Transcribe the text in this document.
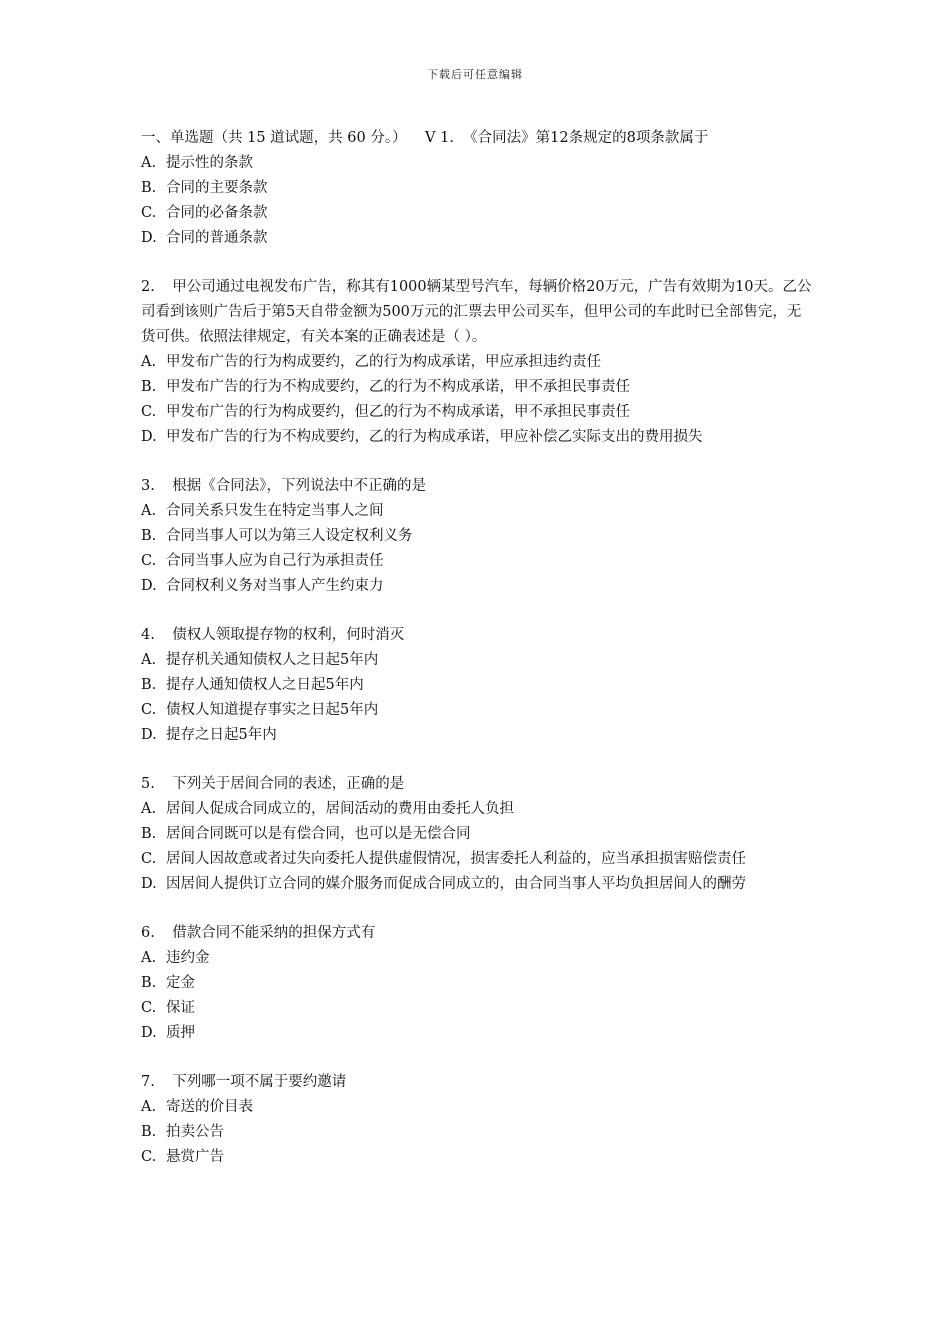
下载后可任意编辑

一、单选题（共 15 道试题，共 60 分。） V 1. 《合同法》第12条规定的8项条款属于

A. 提示性的条款

B. 合同的主要条款

C. 合同的必备条款

D. 合同的普通条款

2. 甲公司通过电视发布广告，称其有1000辆某型号汽车，每辆价格20万元，广告有效期为10天。乙公司看到该则广告后于第5天自带金额为500万元的汇票去甲公司买车，但甲公司的车此时已全部售完，无货可供。依照法律规定，有关本案的正确表述是（ ）。

A. 甲发布广告的行为构成要约，乙的行为构成承诺，甲应承担违约责任

B. 甲发布广告的行为不构成要约，乙的行为不构成承诺，甲不承担民事责任

C. 甲发布广告的行为构成要约，但乙的行为不构成承诺，甲不承担民事责任

D. 甲发布广告的行为不构成要约，乙的行为构成承诺，甲应补偿乙实际支出的费用损失

3. 根据《合同法》，下列说法中不正确的是

A. 合同关系只发生在特定当事人之间

B. 合同当事人可以为第三人设定权利义务

C. 合同当事人应为自己行为承担责任

D. 合同权利义务对当事人产生约束力

4. 债权人领取提存物的权利，何时消灭

A. 提存机关通知债权人之日起5年内

B. 提存人通知债权人之日起5年内

C. 债权人知道提存事实之日起5年内

D. 提存之日起5年内

5. 下列关于居间合同的表述，正确的是

A. 居间人促成合同成立的，居间活动的费用由委托人负担

B. 居间合同既可以是有偿合同，也可以是无偿合同

C. 居间人因故意或者过失向委托人提供虚假情况，损害委托人利益的，应当承担损害赔偿责任

D. 因居间人提供订立合同的媒介服务而促成合同成立的，由合同当事人平均负担居间人的酬劳

6. 借款合同不能采纳的担保方式有

A. 违约金

B. 定金

C. 保证

D. 质押

7. 下列哪一项不属于要约邀请

A. 寄送的价目表

B. 拍卖公告

C. 悬赏广告
